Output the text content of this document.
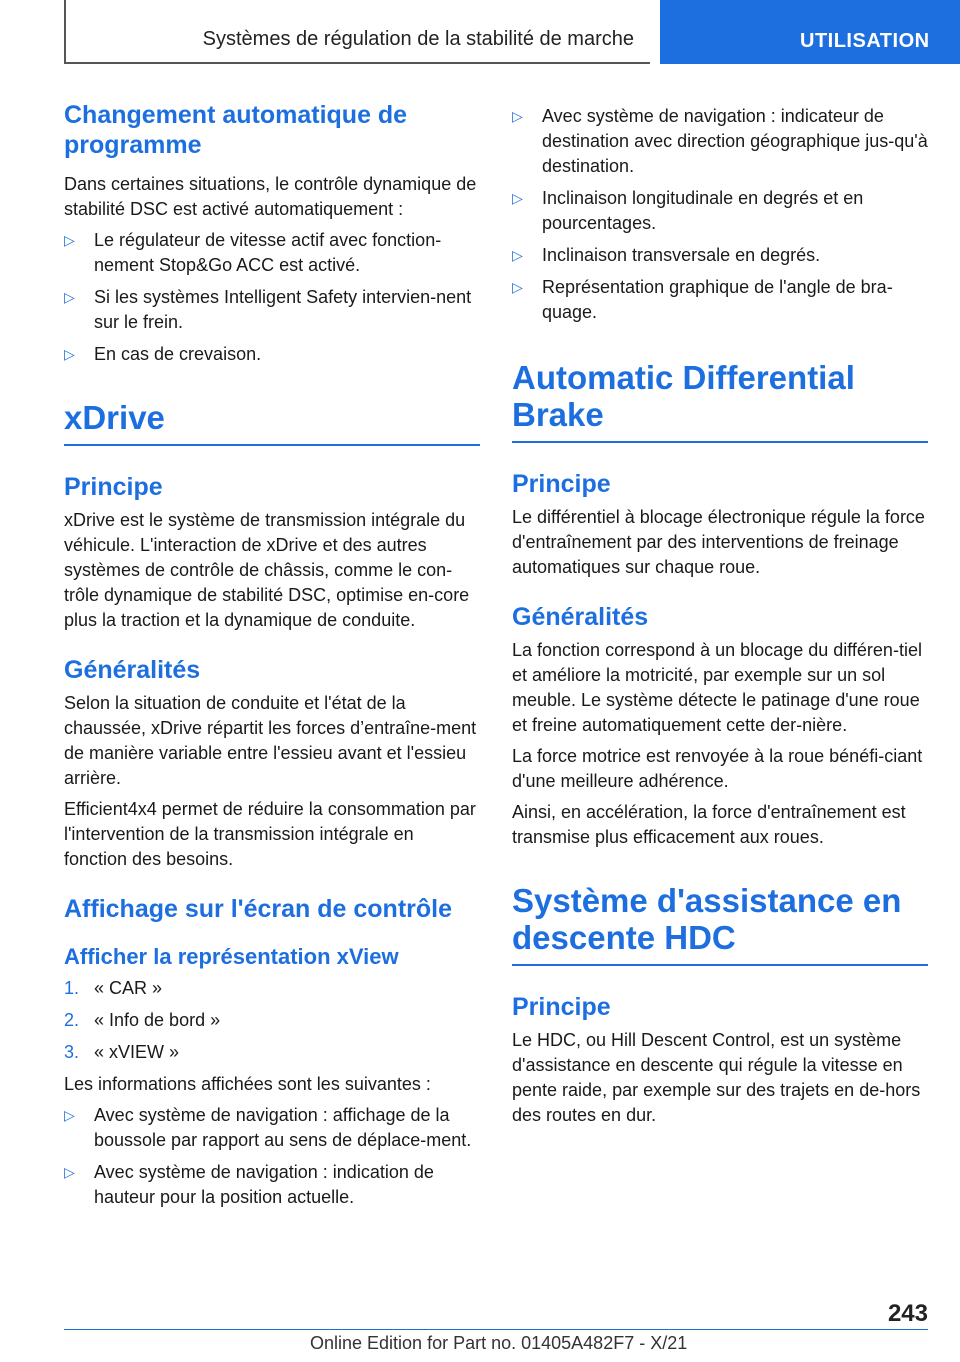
Systèmes de régulation de la stabilité de marche	UTILISATION
Changement automatique de programme
Dans certaines situations, le contrôle dynamique de stabilité DSC est activé automatiquement :
▷ Le régulateur de vitesse actif avec fonction-nement Stop&Go ACC est activé.
▷ Si les systèmes Intelligent Safety intervien-nent sur le frein.
▷ En cas de crevaison.
xDrive
Principe
xDrive est le système de transmission intégrale du véhicule. L'interaction de xDrive et des autres systèmes de contrôle de châssis, comme le con-trôle dynamique de stabilité DSC, optimise en-core plus la traction et la dynamique de conduite.
Généralités
Selon la situation de conduite et l'état de la chaussée, xDrive répartit les forces d’entraîne-ment de manière variable entre l'essieu avant et l'essieu arrière.
Efficient4x4 permet de réduire la consommation par l'intervention de la transmission intégrale en fonction des besoins.
Affichage sur l'écran de contrôle
Afficher la représentation xView
1. « CAR »
2. « Info de bord »
3. « xVIEW »
Les informations affichées sont les suivantes :
▷ Avec système de navigation : affichage de la boussole par rapport au sens de déplace-ment.
▷ Avec système de navigation : indication de hauteur pour la position actuelle.
▷ Avec système de navigation : indicateur de destination avec direction géographique jus-qu'à destination.
▷ Inclinaison longitudinale en degrés et en pourcentages.
▷ Inclinaison transversale en degrés.
▷ Représentation graphique de l'angle de bra-quage.
Automatic Differential Brake
Principe
Le différentiel à blocage électronique régule la force d'entraînement par des interventions de freinage automatiques sur chaque roue.
Généralités
La fonction correspond à un blocage du différen-tiel et améliore la motricité, par exemple sur un sol meuble. Le système détecte le patinage d'une roue et freine automatiquement cette der-nière.
La force motrice est renvoyée à la roue bénéfi-ciant d'une meilleure adhérence.
Ainsi, en accélération, la force d'entraînement est transmise plus efficacement aux roues.
Système d'assistance en descente HDC
Principe
Le HDC, ou Hill Descent Control, est un système d'assistance en descente qui régule la vitesse en pente raide, par exemple sur des trajets en de-hors des routes en dur.
243
Online Edition for Part no. 01405A482F7 - X/21
